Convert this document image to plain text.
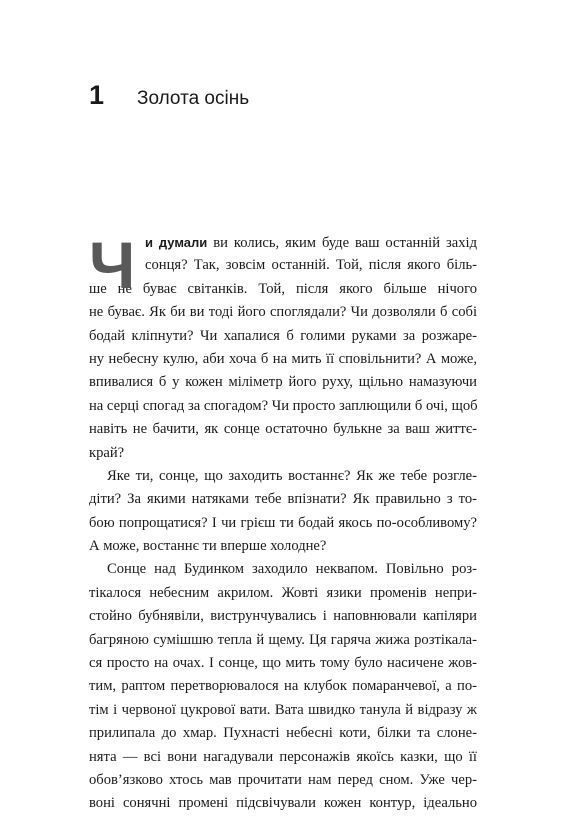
1	Золота осінь
Ч и думали ви колись, яким буде ваш останній захід
сонця? Так, зовсім останній. Той, після якого біль-
ше не буває світанків. Той, після якого більше нічого
не буває. Як би ви тоді його споглядали? Чи дозволяли б собі
бодай кліпнути? Чи хапалися б голими руками за розжаре-
ну небесну кулю, аби хоча б на мить її сповільнити? А може,
впивалися б у кожен міліметр його руху, щільно намазуючи
на серці спогад за спогадом? Чи просто заплющили б очі, щоб
навіть не бачити, як сонце остаточно булькне за ваш життє-
край?
Яке ти, сонце, що заходить востаннє? Як же тебе розгле-
діти? За якими натяками тебе впізнати? Як правильно з то-
бою попрощатися? І чи грієш ти бодай якось по-особливому?
А може, востаннє ти вперше холодне?
Сонце над Будинком заходило неквапом. Повільно роз-
тікалося небесним акрилом. Жовті язики променів непри-
стойно бубнявіли, виструнчувались і наповнювали капіляри
багряною сумішшю тепла й щему. Ця гаряча жижа розтікала-
ся просто на очах. І сонце, що мить тому було насичене жов-
тим, раптом перетворювалося на клубок помаранчевої, а по-
тім і червоної цукрової вати. Вата швидко танула й відразу ж
прилипала до хмар. Пухнасті небесні коти, білки та слоне-
нята — всі вони нагадували персонажів якоїсь казки, що її
обов’язково хтось мав прочитати нам перед сном. Уже чер-
воні сонячні промені підсвічували кожен контур, ідеально
